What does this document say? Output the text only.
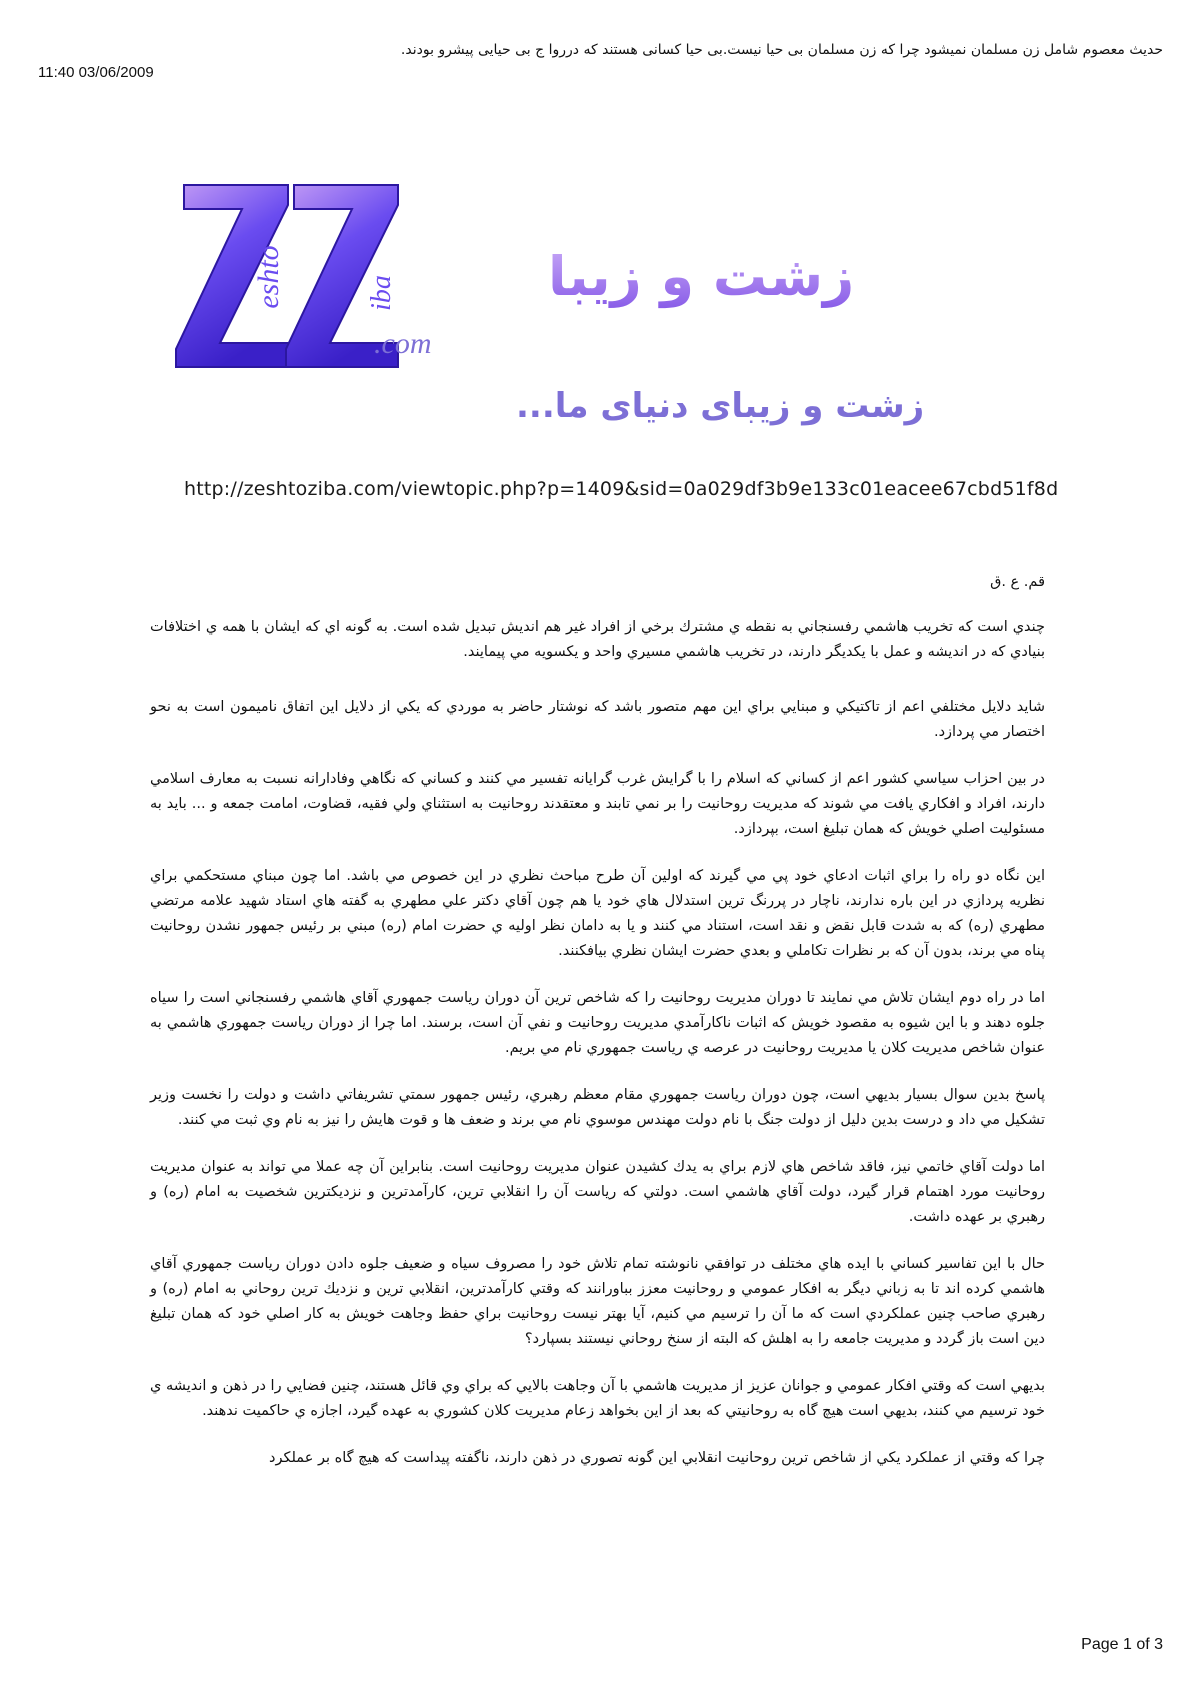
حدیث معصوم شامل زن مسلمان نمیشود چرا که زن مسلمان بی حیا نیست.بی حیا کسانی هستند که درروا ج بی حیایی پیشرو بودند.
11:40 03/06/2009
eshto	iba
.com
زشت و زیبا
زشت و زیبای دنیای ما...
http://zeshtoziba.com/viewtopic.php?p=1409&sid=0a029df3b9e133c01eacee67cbd51f8d
قم. ع .ق

چندي است كه تخريب هاشمي رفسنجاني به نقطه ي مشترك برخي از افراد غير هم انديش تبديل شده است. به گونه اي كه ايشان با همه ي اختلافات بنيادي كه در انديشه و عمل با يكديگر دارند، در تخريب هاشمي مسيري واحد و يكسويه مي پيمايند.

شايد دلايل مختلفي اعم از تاكتيكي و مبنايي براي اين مهم متصور باشد كه نوشتار حاضر به موردي كه يكي از دلايل اين اتفاق ناميمون است به نحو اختصار مي پردازد.

در بين احزاب سياسي كشور اعم از كساني كه اسلام را با گرايش غرب گرايانه تفسير مي كنند و كساني كه نگاهي وفادارانه نسبت به معارف اسلامي دارند، افراد و افكاري يافت مي شوند كه مديريت روحانيت را بر نمي تابند و معتقدند روحانيت به استثناي ولي فقيه، قضاوت، امامت جمعه و ... بايد به مسئوليت اصلي خويش كه همان تبليغ است، بپردازد.

اين نگاه دو راه را براي اثبات ادعاي خود پي مي گيرند كه اولين آن طرح مباحث نظري در اين خصوص مي باشد. اما چون مبناي مستحكمي براي نظريه پردازي در اين باره ندارند، ناچار در پررنگ ترين استدلال هاي خود يا هم چون آقاي دكتر علي مطهري به گفته هاي استاد شهيد علامه مرتضي مطهري (ره) كه به شدت قابل نقض و نقد است، استناد مي كنند و يا به دامان نظر اوليه ي حضرت امام (ره) مبني بر رئيس جمهور نشدن روحانيت پناه مي برند، بدون آن كه بر نظرات تكاملي و بعدي حضرت ايشان نظري بيافكنند.

اما در راه دوم ايشان تلاش مي نمايند تا دوران مديريت روحانيت را كه شاخص ترين آن دوران رياست جمهوري آقاي هاشمي رفسنجاني است را سياه جلوه دهند و با اين شيوه به مقصود خويش كه اثبات ناكارآمدي مديريت روحانيت و نفي آن است، برسند. اما چرا از دوران رياست جمهوري هاشمي به عنوان شاخص مديريت كلان يا مديريت روحانيت در عرصه ي رياست جمهوري نام مي بريم.

پاسخ بدين سوال بسيار بديهي است، چون دوران رياست جمهوري مقام معظم رهبري، رئيس جمهور سمتي تشريفاتي داشت و دولت را نخست وزير تشكيل مي داد و درست بدين دليل از دولت جنگ با نام دولت مهندس موسوي نام مي برند و ضعف ها و قوت هايش را نيز به نام وي ثبت مي كنند.

اما دولت آقاي خاتمي نيز، فاقد شاخص هاي لازم براي به يدك كشيدن عنوان مديريت روحانيت است. بنابراين آن چه عملا مي تواند به عنوان مديريت روحانيت مورد اهتمام قرار گيرد، دولت آقاي هاشمي است. دولتي كه رياست آن را انقلابي ترين، كارآمدترين و نزديكترين شخصيت به امام (ره) و رهبري بر عهده داشت.

حال با اين تفاسير كساني با ايده هاي مختلف در توافقي نانوشته تمام تلاش خود را مصروف سياه و ضعيف جلوه دادن دوران رياست جمهوري آقاي هاشمي كرده اند تا به زباني ديگر به افكار عمومي و روحانيت معزز بباورانند كه وقتي كارآمدترين، انقلابي ترين و نزديك ترين روحاني به امام (ره) و رهبري صاحب چنين عملكردي است كه ما آن را ترسيم مي كنيم، آيا بهتر نيست روحانيت براي حفظ وجاهت خويش به كار اصلي خود كه همان تبليغ دين است باز گردد و مديريت جامعه را به اهلش كه البته از سنخ روحاني نيستند بسپارد؟

بديهي است كه وقتي افكار عمومي و جوانان عزيز از مديريت هاشمي با آن وجاهت بالايي كه براي وي قائل هستند، چنين فضايي را در ذهن و انديشه ي خود ترسيم مي كنند، بديهي است هيچ گاه به روحانيتي كه بعد از اين بخواهد زعام مديريت كلان كشوري به عهده گيرد، اجازه ي حاكميت ندهند.

چرا كه وقتي از عملكرد يكي از شاخص ترين روحانيت انقلابي اين گونه تصوري در ذهن دارند، ناگفته پيداست كه هيچ گاه بر عملكرد

Page 1 of 3
